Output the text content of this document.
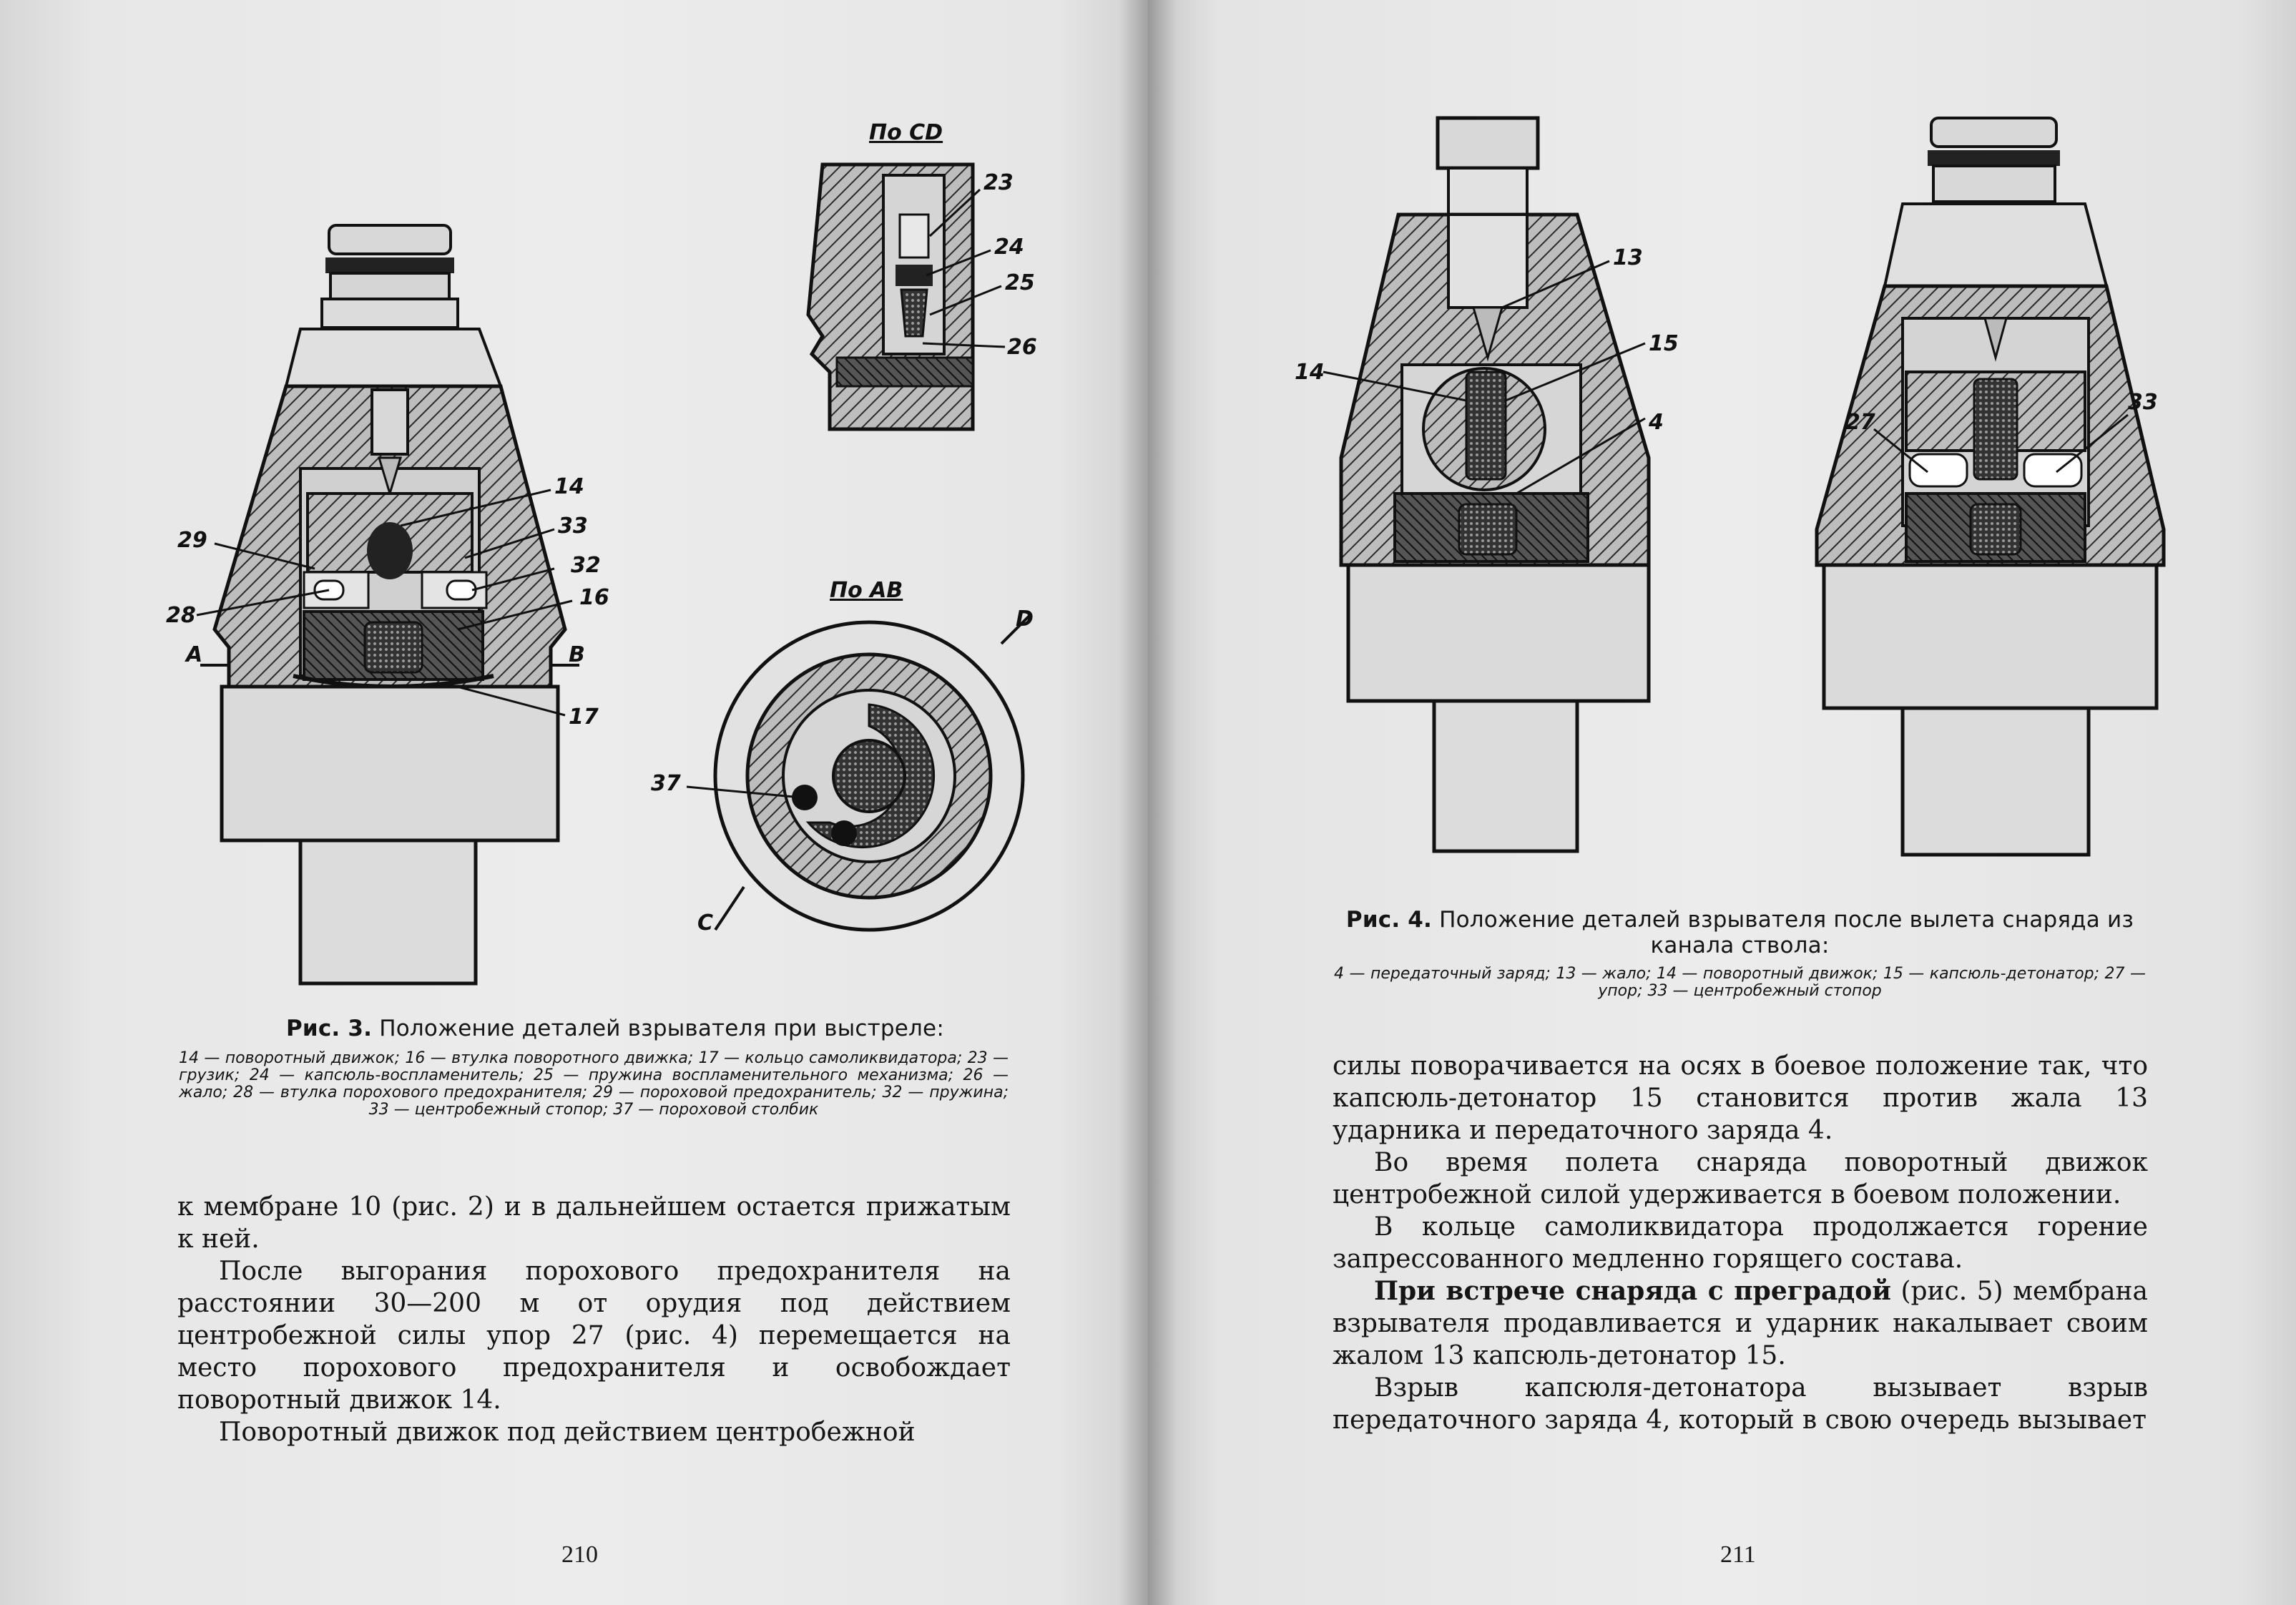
14
29
33
32
28
16
17
A	B
По CD
23
24
25
26
По AB
37
C
D
Рис. 3. Положение деталей взрывателя при выстреле:
14 — поворотный движок; 16 — втулка поворотного движка; 17 — кольцо самоликвидатора; 23 — грузик; 24 — капсюль-воспламенитель; 25 — пружина воспламенительного механизма; 26 — жало; 28 — втулка порохового предохранителя; 29 — пороховой предохранитель; 32 — пружина; 33 — центробежный стопор; 37 — пороховой столбик

к мембране 10 (рис. 2) и в дальнейшем остается прижатым к ней.

После выгорания порохового предохранителя на расстоянии 30—200 м от орудия под действием центробежной силы упор 27 (рис. 4) перемещается на место порохового предохранителя и освобождает поворотный движок 14.

Поворотный движок под действием центробежной

210
13
14
15
4	27
33
Рис. 4. Положение деталей взрывателя после вылета снаряда из канала ствола:
4 — передаточный заряд; 13 — жало; 14 — поворотный движок; 15 — капсюль-детонатор; 27 — упор; 33 — центробежный стопор

силы поворачивается на осях в боевое положение так, что капсюль-детонатор 15 становится против жала 13 ударника и передаточного заряда 4.

Во время полета снаряда поворотный движок центробежной силой удерживается в боевом положении.

В кольце самоликвидатора продолжается горение запрессованного медленно горящего состава.

При встрече снаряда с преградой (рис. 5) мембрана взрывателя продавливается и ударник накалывает своим жалом 13 капсюль-детонатор 15.

Взрыв капсюля-детонатора вызывает взрыв передаточного заряда 4, который в свою очередь вызывает

211
